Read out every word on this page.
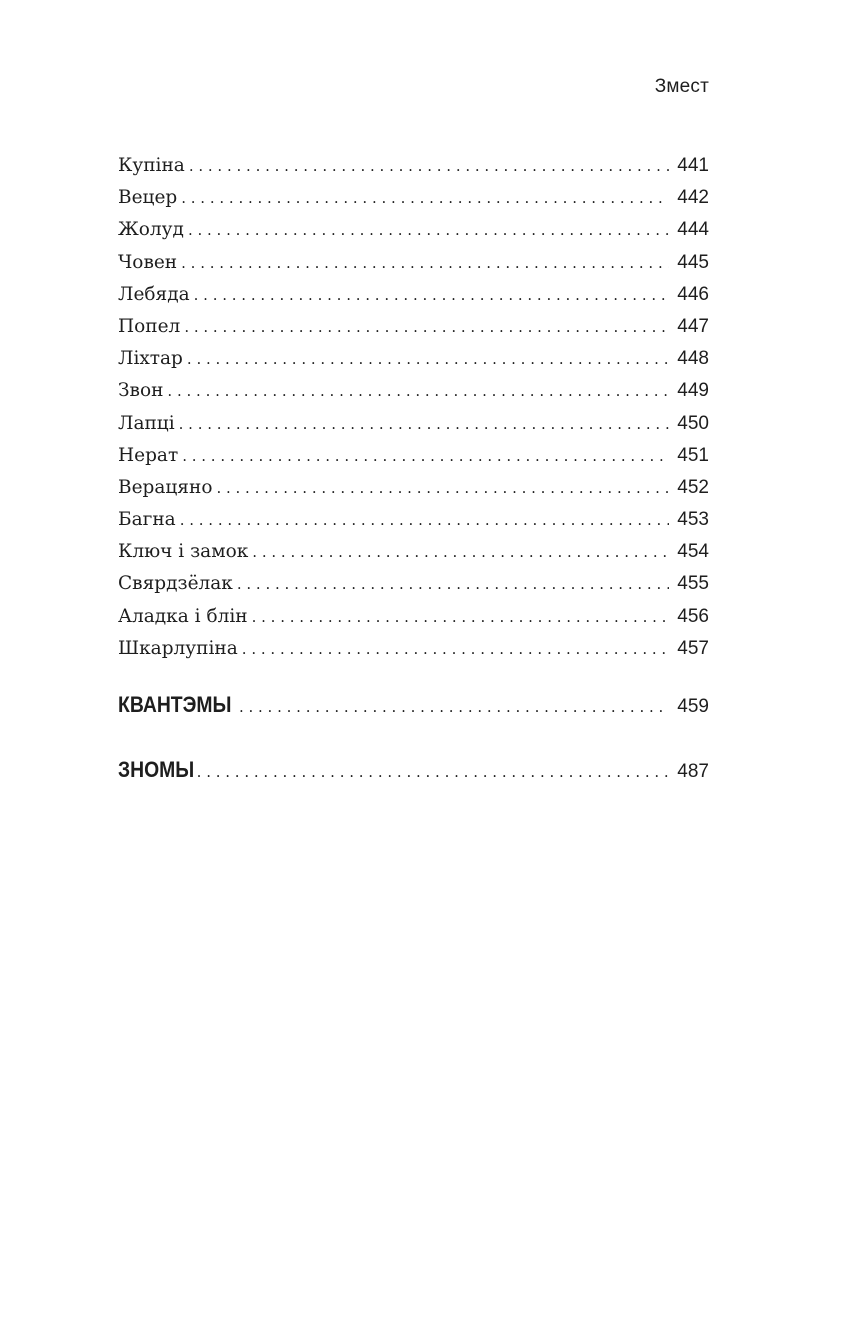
Змест
Купіна . . .	441
Вецер . . .	442
Жолуд . . .	444
Човен . . .	445
Лебяда . . .	446
Попел . . .	447
Ліхтар . . .	448
Звон . . .	449
Лапці . . .	450
Нерат . . .	451
Верацяно . . .	452
Багна . . .	453
Ключ і замок . . .	454
Свярдзёлак . . .	455
Аладка і блін . . .	456
Шкарлупіна . . .	457
КВАНТЭМЫ . . .	459
ЗНОМЫ . . .	487
